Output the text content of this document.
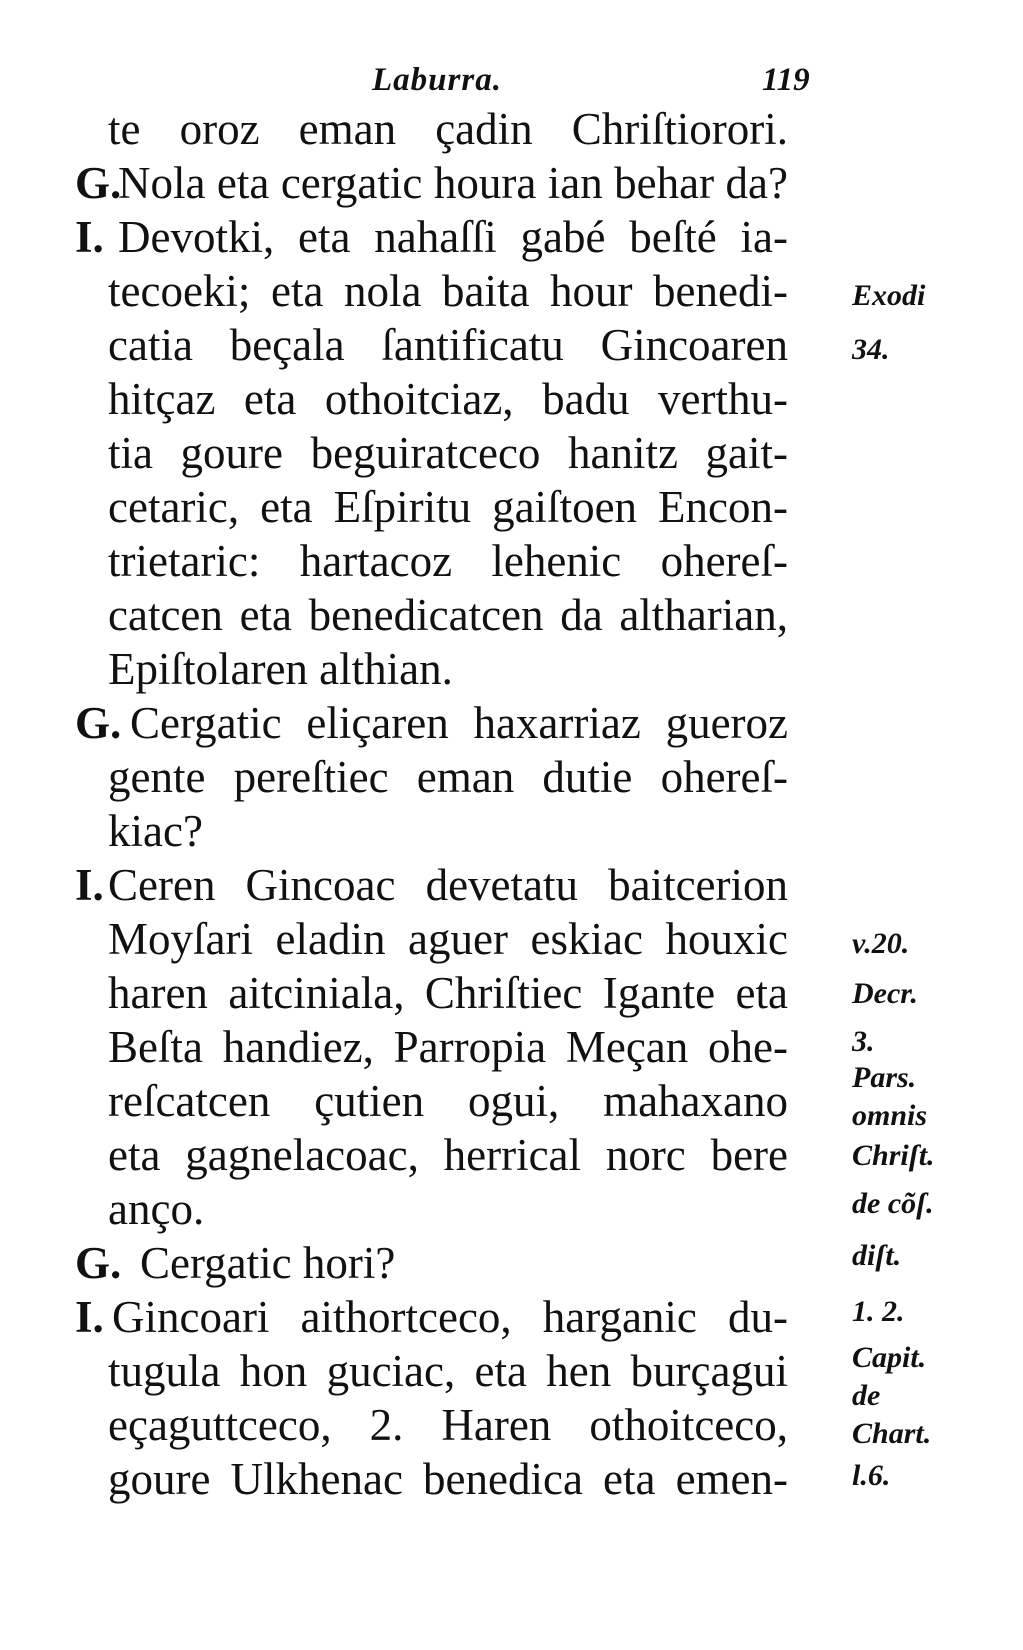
Laburra.	119
te oroz eman çadin Chriſtiorori.
G.
Nola eta cergatic houra ian behar da?
I. Devotki, eta nahaſſi gabé beſté ia-
tecoeki; eta nola baita hour benedi-
catia beçala ſantificatu Gincoaren
hitçaz eta othoitciaz, badu verthu-
tia goure beguiratceco hanitz gait-
cetaric, eta Eſpiritu gaiſtoen Encon-
trietaric: hartacoz lehenic ohereſ-
catcen eta benedicatcen da altharian,
Epiſtolaren althian.
G. Cergatic eliçaren haxarriaz gueroz
gente pereſtiec eman dutie ohereſ-
kiac?
I. Ceren Gincoac devetatu baitcerion
Moyſari eladin aguer eskiac houxic
haren aitciniala, Chriſtiec Igante eta
Beſta handiez, Parropia Meçan ohe-
reſcatcen çutien ogui, mahaxano
eta gagnelacoac, herrical norc bere
anço.
G. Cergatic hori?
I. Gincoari aithortceco, harganic du-
tugula hon guciac, eta hen burçagui
eçaguttceco, 2. Haren othoitceco,
goure Ulkhenac benedica eta emen-
Exodi
34.
v.20.
Decr.
3.
Pars.
omnis
Chriſt.
de cõſ.
diſt.
1. 2.
Capit.
de
Chart.
l.6.
